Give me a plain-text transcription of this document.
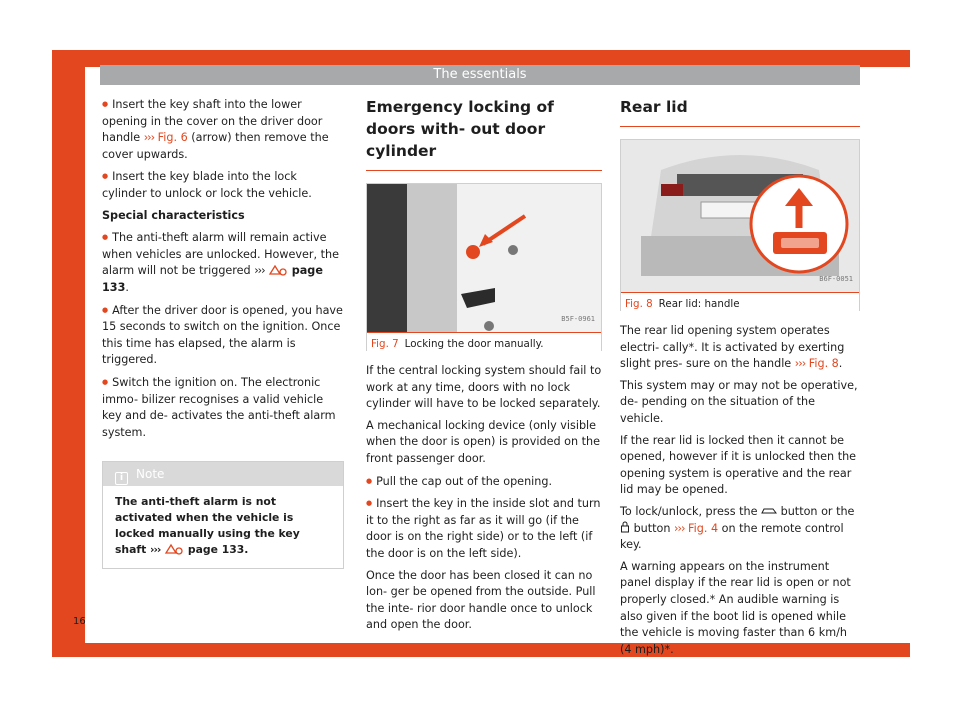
The essentials

● Insert the key shaft into the lower opening in the cover on the driver door handle ››› Fig. 6 (arrow) then remove the cover upwards.

● Insert the key blade into the lock cylinder to unlock or lock the vehicle.

Special characteristics

● The anti-theft alarm will remain active when vehicles are unlocked. However, the alarm will not be triggered ››› page 133.

● After the driver door is opened, you have 15 seconds to switch on the ignition. Once this time has elapsed, the alarm is triggered.

● Switch the ignition on. The electronic immo- bilizer recognises a valid vehicle key and de- activates the anti-theft alarm system.

i Note
The anti-theft alarm is not activated when the vehicle is locked manually using the key shaft ›››	page 133.
Emergency locking of doors with- out door cylinder
B5F-0961
Fig. 7 Locking the door manually.

If the central locking system should fail to work at any time, doors with no lock cylinder will have to be locked separately.

A mechanical locking device (only visible when the door is open) is provided on the front passenger door.

● Pull the cap out of the opening.

● Insert the key in the inside slot and turn it to the right as far as it will go (if the door is on the right side) or to the left (if the door is on the left side).

Once the door has been closed it can no lon- ger be opened from the outside. Pull the inte- rior door handle once to unlock and open the door.

Rear lid
B6F-0051
Fig. 8 Rear lid: handle

The rear lid opening system operates electri- cally*. It is activated by exerting slight pres- sure on the handle ››› Fig. 8.

This system may or may not be operative, de- pending on the situation of the vehicle.

If the rear lid is locked then it cannot be opened, however if it is unlocked then the opening system is operative and the rear lid may be opened.

To lock/unlock, press the button or the  button ››› Fig. 4 on the remote control key.

A warning appears on the instrument panel display if the rear lid is open or not properly closed.* An audible warning is also given if the boot lid is opened while the vehicle is moving faster than 6 km/h (4 mph)*.

16
